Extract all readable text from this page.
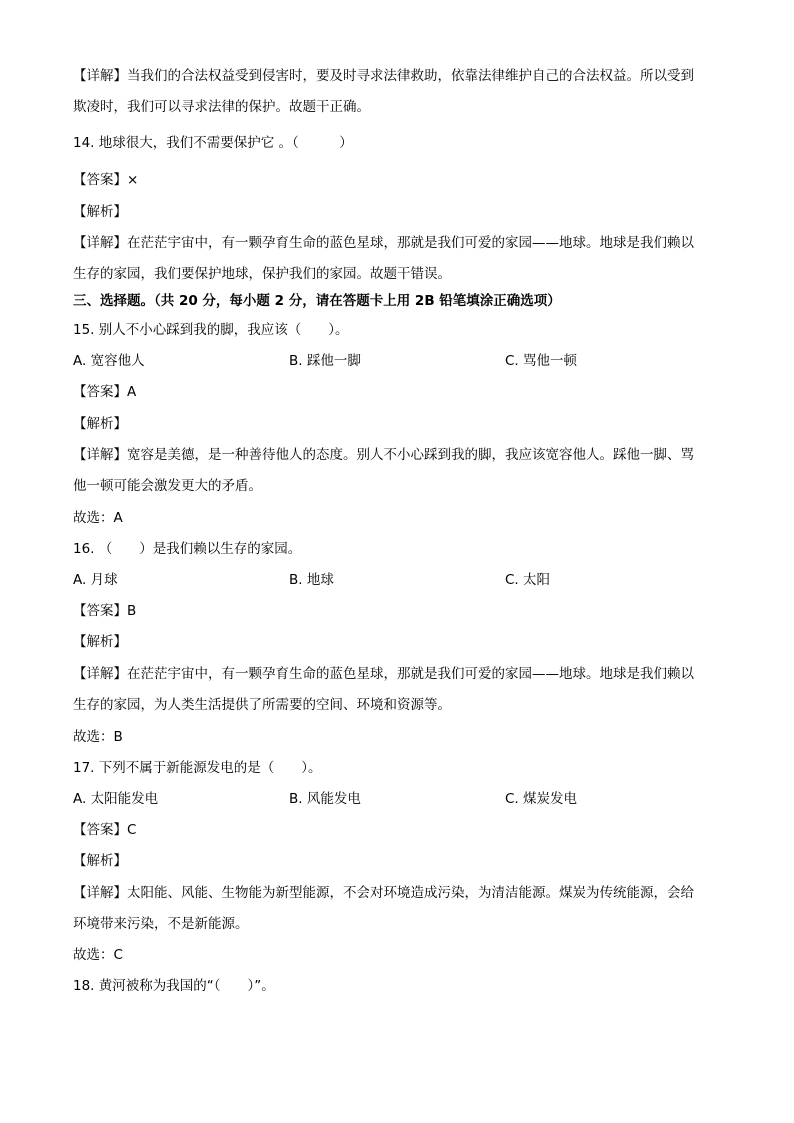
【详解】当我们的合法权益受到侵害时，要及时寻求法律救助，依靠法律维护自己的合法权益。所以受到
欺凌时，我们可以寻求法律的保护。故题干正确。
14. 地球很大，我们不需要保护它 。（　　　）
【答案】×
【解析】
【详解】在茫茫宇宙中，有一颗孕育生命的蓝色星球，那就是我们可爱的家园——地球。地球是我们赖以
生存的家园，我们要保护地球，保护我们的家园。故题干错误。
三、选择题。（共 20 分，每小题 2 分，请在答题卡上用 2B 铅笔填涂正确选项）
15. 别人不小心踩到我的脚，我应该（　　）。
A. 宽容他人	B. 踩他一脚	C. 骂他一顿
【答案】A
【解析】
【详解】宽容是美德，是一种善待他人的态度。别人不小心踩到我的脚，我应该宽容他人。踩他一脚、骂
他一顿可能会激发更大的矛盾。
故选：A
16. （　　）是我们赖以生存的家园。
A. 月球	B. 地球	C. 太阳
【答案】B
【解析】
【详解】在茫茫宇宙中，有一颗孕育生命的蓝色星球，那就是我们可爱的家园——地球。地球是我们赖以
生存的家园，为人类生活提供了所需要的空间、环境和资源等。
故选：B
17. 下列不属于新能源发电的是（　　）。
A. 太阳能发电	B. 风能发电	C. 煤炭发电
【答案】C
【解析】
【详解】太阳能、风能、生物能为新型能源，不会对环境造成污染，为清洁能源。煤炭为传统能源，会给
环境带来污染，不是新能源。
故选：C
18. 黄河被称为我国的“（　　）”。
